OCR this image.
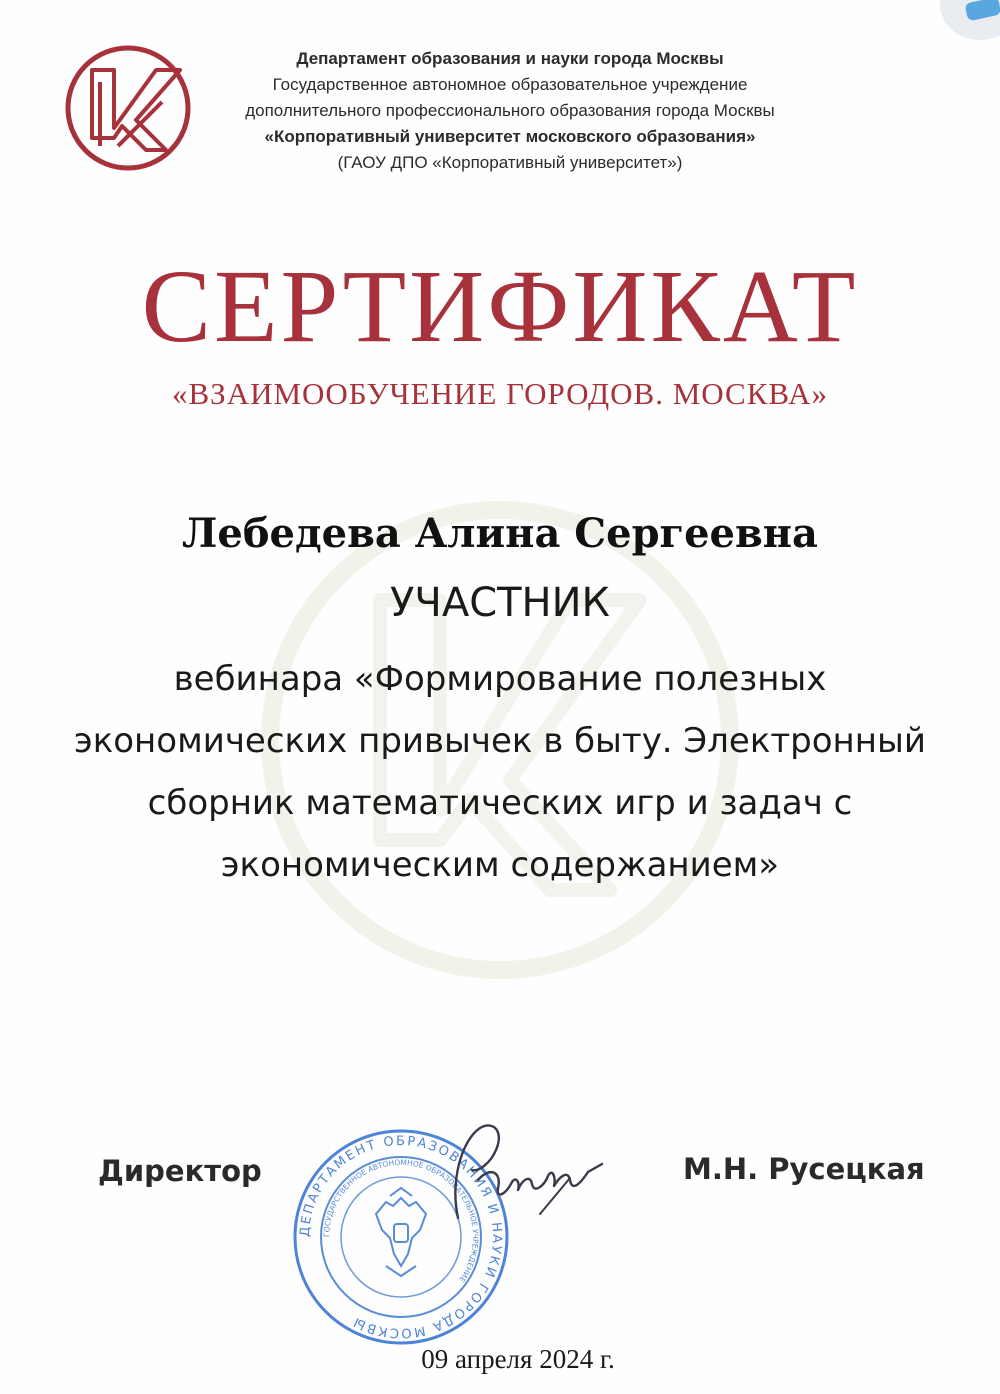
Департамент образования и науки города Москвы
Государственное автономное образовательное учреждение
дополнительного профессионального образования города Москвы
«Корпоративный университет московского образования»
(ГАОУ ДПО «Корпоративный университет»)
СЕРТИФИКАТ
«ВЗАИМООБУЧЕНИЕ ГОРОДОВ. МОСКВА»
Лебедева Алина Сергеевна
УЧАСТНИК
вебинара «Формирование полезных
экономических привычек в быту. Электронный
сборник математических игр и задач с
экономическим содержанием»
Директор	М.Н. Русецкая
ДЕПАРТАМЕНТ ОБРАЗОВАНИЯ И НАУКИ ГОРОДА МОСКВЫ
ГОСУДАРСТВЕННОЕ АВТОНОМНОЕ ОБРАЗОВАТЕЛЬНОЕ УЧРЕЖДЕНИЕ
09 апреля 2024 г.
